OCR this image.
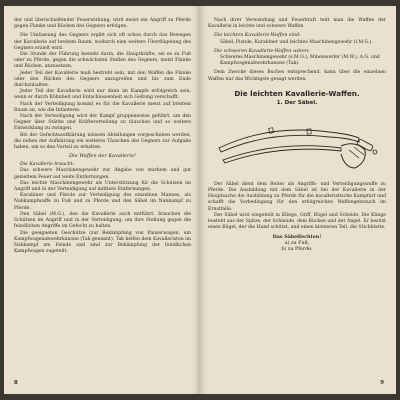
der und überschießender Feuerwirkung, wird meist ein Angriff zu Pferde gegen Flanke und Rücken des Gegners erfolgen.

Die Umfassung des Gegners ergibt sich oft schon durch das Bewegen der Kavallerie auf breitem Raum, wodurch eine weitere Überflügelung des Gegners erzielt wird.

Die Stunde der Führung besteht darin, die Hauptkräfte, sei es zu Fuß oder zu Pferde, gegen die schwächsten Stellen des Gegners, meist Flanke und Rücken, anzusetzen.

Jeder Teil der Kavallerie muß bestrebt sein, mit den Waffen die Flanke oder den Rücken des Gegners anzugreifen und bis zum Ende durchzuhalten.

Jeder Teil der Kavallerie wird nur dann im Kampfe erfolgreich sein, wenn er durch Kühnheit und Entschlossenheit sich Geltung verschafft.

Nach der Verteidigung kommt es für die Kavallerie meist auf breitem Raum an, wie die Infanterie.

Nach der Verteidigung wird der Kampf gruppenweise geführt, um den Gegner über Stärke und Kräfteverteilung zu täuschen und so weitere Entwicklung zu zwingen.

Bei der Gefechtsaufklärung müssen Abteilungen vorgeschoben werden, die neben der Aufklärung ein weiteres Täuschen des Gegners zur Aufgabe haben, um so den Vorteil zu erhalten.

Die Waffen der Kavallerie!

Die Kavallerie braucht:

Das schwere Maschinengewehr zur Abgabe von starkem und gut gezieltem Feuer auf weite Entfernungen.

Das leichte Maschinengewehr als Unterstützung für die Schützen im Angriff und in der Verteidigung auf mittlere Entfernungen.

Karabiner und Pistole zur Verteidigung des einzelnen Mannes, als Nahkampfwaffe zu Fuß und zu Pferde und den Säbel im Nahkampf zu Pferde.

Den Säbel (M.G.), den die Kavallerie auch mitführt, brauchen die Schützen im Angriff und in der Verteidigung, um ihre Stellung gegen die feindlichen Angriffe im Gefecht zu halten.

Die geeigneten Geschütze (zur Bekämpfung von Panzerwagen, um Kampfwagenabwehrkanone (Tak genannt). Tak helfen dem Kavalleristen im Nahkampf am Feinde und sind zur Bekämpfung der feindlichen Kampfwagen zugeteilt.

8

Nach ihrer Verwendung und Feuerkraft teilt man die Waffen der Kavallerie in leichte und schwere Waffen.

Die leichten Kavallerie-Waffen sind:
Säbel, Pistole, Karabiner und leichtes Maschinengewehr (l.M.G.).
Die schweren Kavallerie-Waffen wären:
Schweres Maschinengewehr (s.M.G.), Minenwerfer (M.W.), A.G. und Kampfwagenabwehrkanone (Tak).

Dem Zwecke dieses Buches entsprechend, kann über die einzelnen Waffen nur das Wichtigste gesagt werden.

Die leichten Kavallerie-Waffen.
1. Der Säbel.

Der Säbel dient dem Reiter als Angriffs- und Verteidigungswaffe zu Pferde. Die Ausbildung mit dem Säbel ist bei der Kavallerie in der Hauptsache die Ausbildung zu Pferde für die kavalleristische Kampfart und schafft die Vorbedingung für den erfolgreichen Waffengebrauch im Ernstfalle.

Der Säbel wird eingeteilt in Klinge, Griff, Bügel und Scheide. Die Klinge besteht aus der Spitze, der Schneide, dem Rücken und der Angel. Er besitzt einen Bügel, der die Hand schützt, und einen kleineren Teil, die Stichblatte.

Das Säbelfechten!
a) zu Fuß,
b) zu Pferde.
9
